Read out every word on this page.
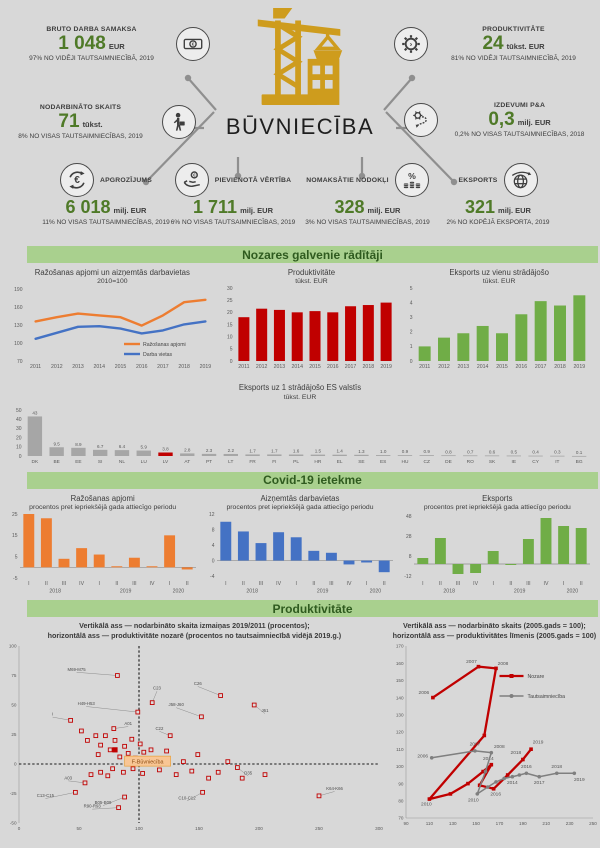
BŪVNIECĪBA
BRUTO DARBA SAMAKSA
1 048 EUR
97% NO VIDĒJI TAUTSAIMNIECĪBĀ, 2019
€	›
PRODUKTIVITĀTE
24 tūkst. EUR
81% NO VIDĒJI TAUTSAIMNIECĪBĀ, 2019
NODARBINĀTO SKAITS
71 tūkst.
8% NO VISAS TAUTSAIMNIECĪBAS, 2019
IZDEVUMI P&A
0,3 milj. EUR
0,2% NO VISAS TAUTSAIMNIECĪBAS, 2018
€	APGROZĪJUMS
6 018 milj. EUR
11% NO VISAS TAUTSAIMNIECĪBAS, 2019
€
PIEVIENOTĀ VĒRTĪBA
1 711 milj. EUR
6% NO VISAS TAUTSAIMNIECĪBAS, 2019
NOMAKSĀTIE NODOKĻI %
328 milj. EUR
3% NO VISAS TAUTSAIMNIECĪBAS, 2019
EKSPORTS
321 milj. EUR
2% NO KOPĒJĀ EKSPORTA, 2019
Nozares galvenie rādītāji
Ražošanas apjomi un aizņemtās darbavietas
2010=100
70
100
130
160
190
2011 2012 2013 2014 2015 2016 2017 2018 2019
Ražošanas apjomi
Darba vietas
Produktivitāte
tūkst. EUR
0
5
10
15
20
25
30
2011 2012 2013 2014 2015 2016 2017 2018 2019
Eksports uz vienu strādājošo
tūkst. EUR
0
1
2
3
4
5
2011 2012 2013 2014 2015 2016 2017 2018 2019
Eksports uz 1 strādājošo ES valstīs
tūkst. EUR
0
10
20
30
40
50
DK	BE	EE	SI	NL	LU	LV	AT	PT	LT	FR	FI	PL	HR	EL	SE	ES	HU	CZ	DE	RO	SK	IE	CY	IT	BG
43
9.5	8.9	6.7	6.4	5.9	3.8	2.8	2.3	2.2	1.7	1.7	1.6	1.5	1.4	1.3	1.0	0.9	0.9	0.8	0.7	0.6	0.5	0.4	0.3	0.1
Covid-19 ietekme
Ražošanas apjomi
procentos pret iepriekšējā gada attiecīgo periodu
-5
5
15
25
I	II	III IV	I	II	III IV	I	II
2018	2019	2020
Aizņemtās darbavietas
procentos pret iepriekšējā gada attiecīgo periodu
-4
0
4
8
12
I	II	III IV	I	II	III IV	I	II
2018	2019	2020
Eksports
procentos pret iepriekšējā gada attiecīgo periodu
-12
8
28
48
I	II	III IV	I	II	III IV	I	II
2018	2019	2020
Produktivitāte
Vertikālā ass — nodarbināto skaita izmaiņas 2019/2011 (procentos);
horizontālā ass — produktivitāte nozarē (procentos no tautsaimniecībā vidējā 2019.g.)
-50
-25
0
25
50
75
100
0	50	100	150	200	250	300
M69-M75
H49-H53
I
C23
C26
J58-J60
J61
A01
C22
A03
C13-C15
B05-B09
R90-R93
K64-K66
C10-C12
D35
F-Būvniecība
Vertikālā ass — nodarbināto skaits (2005.gads = 100);
horizontālā ass — produktivitātes līmenis (2005.gads = 100)
70
80
90
100
110
120
130
140
150
160
170
90	110	130	150	170	190	210	230	250
2006
2007	2008
2010
2014
2016
2018
2019
2006
2007
2008
2010
2014
2016
2017
2018
2019
Nozare
Tautsaimniecība
